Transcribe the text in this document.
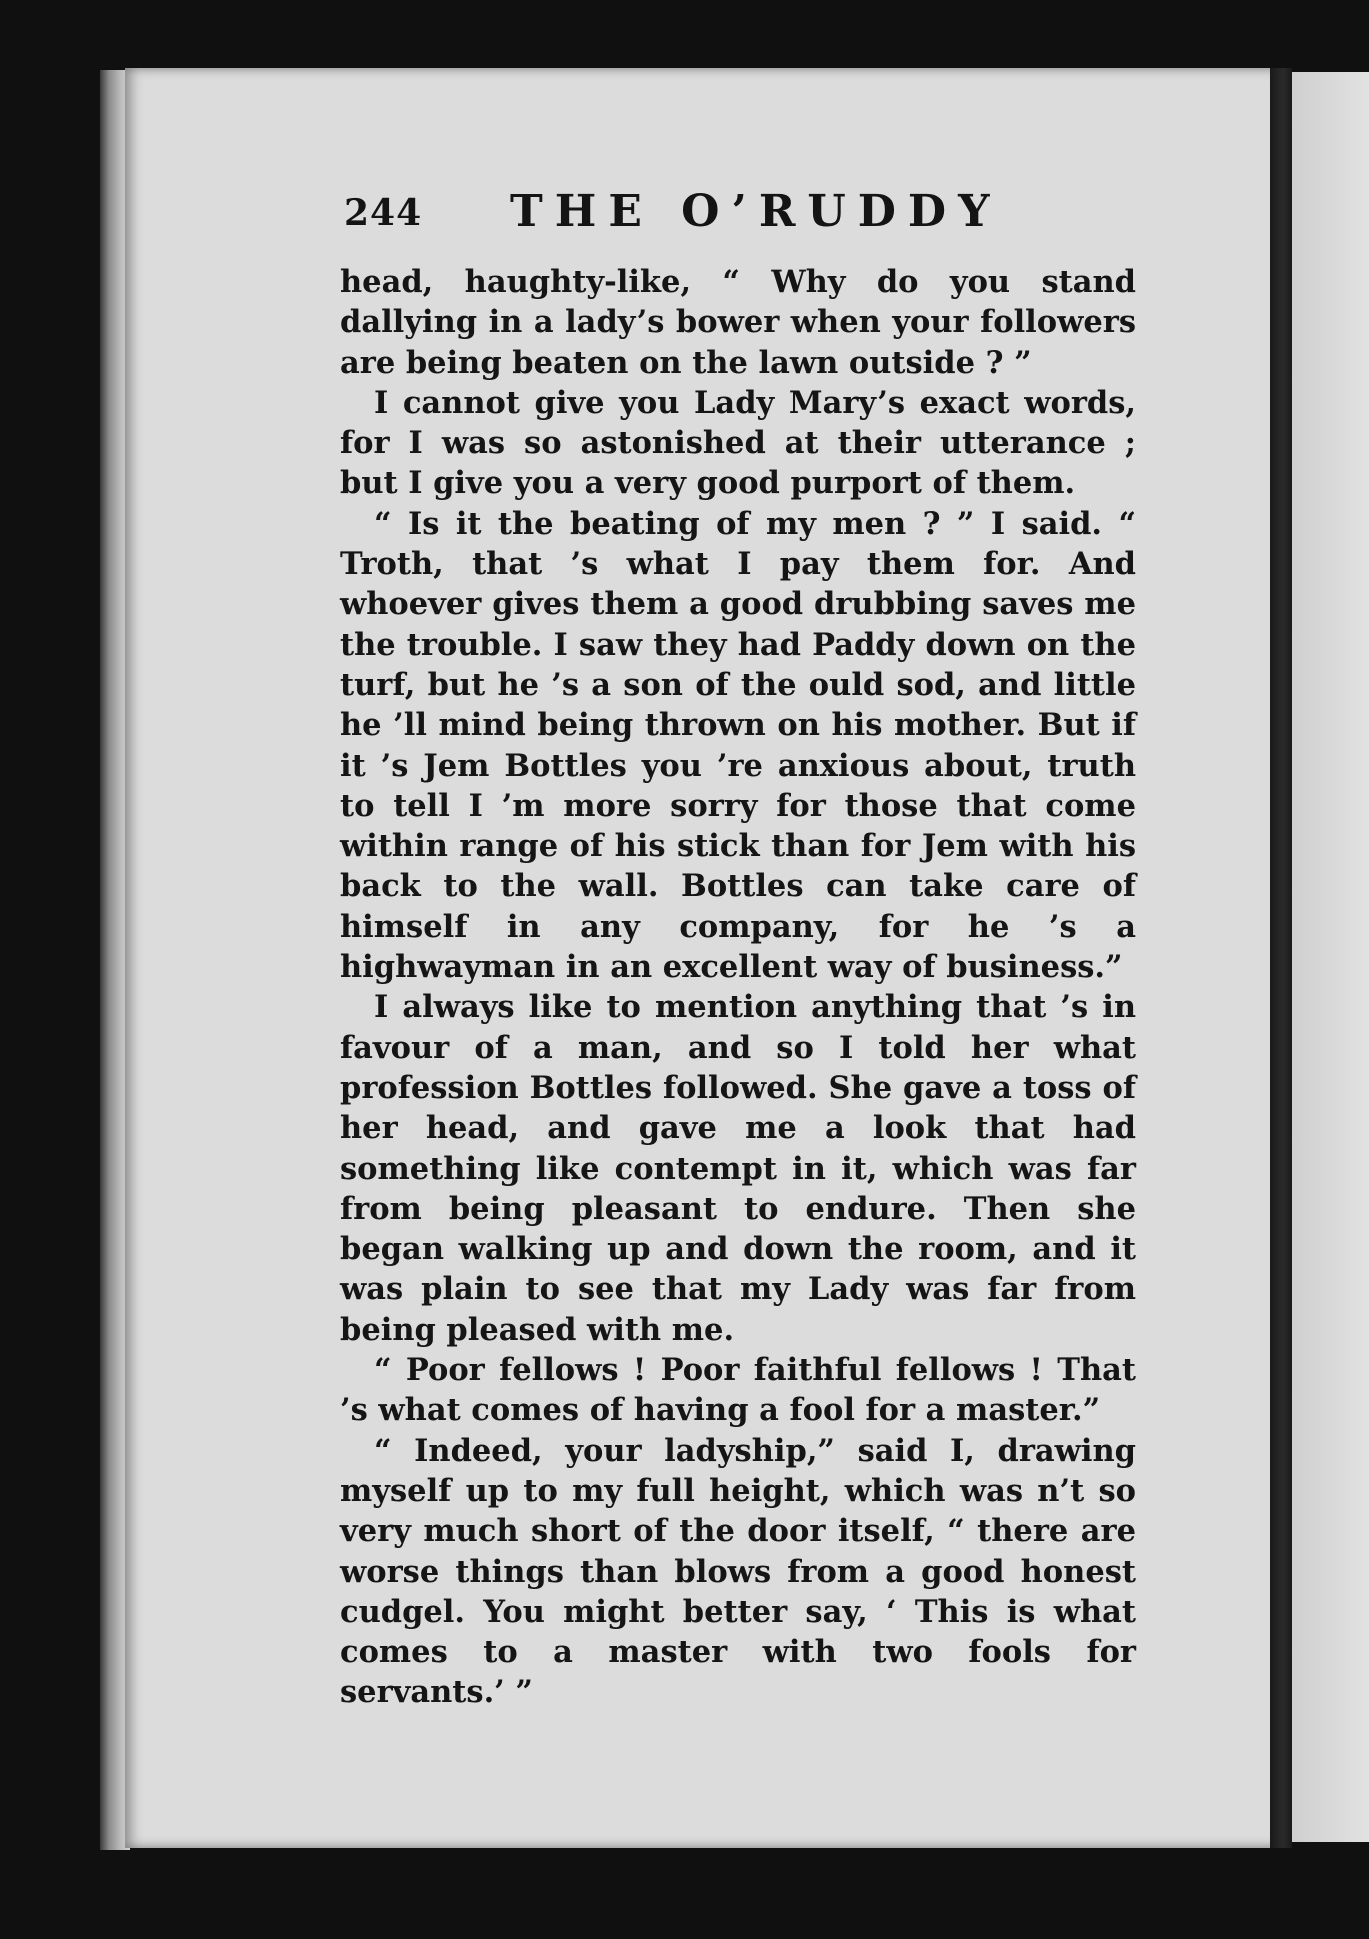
244 THE O’RUDDY

head, haughty-like, “ Why do you stand dallying in a lady’s bower when your followers are being beaten on the lawn outside ? ”

I cannot give you Lady Mary’s exact words, for I was so astonished at their utterance ; but I give you a very good purport of them.

“ Is it the beating of my men ? ” I said. “ Troth, that ’s what I pay them for. And whoever gives them a good drubbing saves me the trouble. I saw they had Paddy down on the turf, but he ’s a son of the ould sod, and little he ’ll mind being thrown on his mother. But if it ’s Jem Bottles you ’re anxious about, truth to tell I ’m more sorry for those that come within range of his stick than for Jem with his back to the wall. Bottles can take care of himself in any company, for he ’s a highwayman in an excellent way of business.”

I always like to mention anything that ’s in favour of a man, and so I told her what profession Bottles followed. She gave a toss of her head, and gave me a look that had something like contempt in it, which was far from being pleasant to endure. Then she began walking up and down the room, and it was plain to see that my Lady was far from being pleased with me.

“ Poor fellows ! Poor faithful fellows ! That ’s what comes of having a fool for a master.”

“ Indeed, your ladyship,” said I, drawing myself up to my full height, which was n’t so very much short of the door itself, “ there are worse things than blows from a good honest cudgel. You might better say, ‘ This is what comes to a master with two fools for servants.’ ”
